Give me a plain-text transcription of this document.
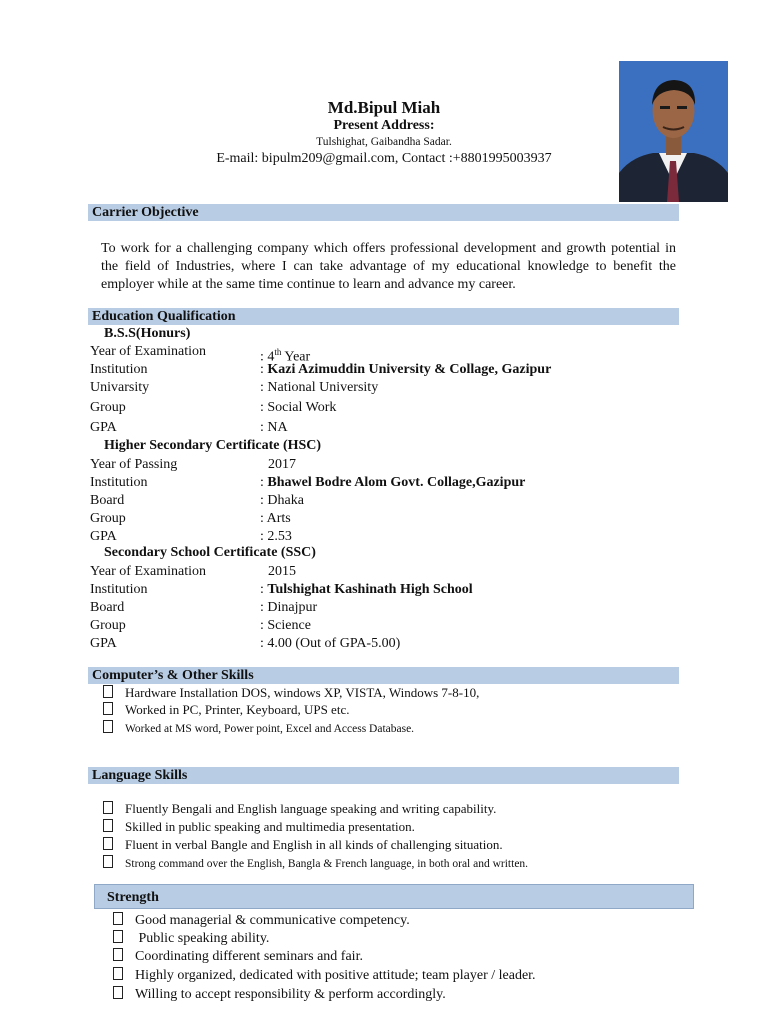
Md.Bipul Miah
Present Address:
Tulshighat, Gaibandha Sadar.
E-mail: bipulm209@gmail.com, Contact :+8801995003937
Carrier Objective
To work for a challenging company which offers professional development and growth potential in the field of Industries, where I can take advantage of my educational knowledge to benefit the employer while at the same time continue to learn and advance my career.
Education Qualification
B.S.S(Honurs)
Year of Examination	: 4th Year
Institution	: Kazi Azimuddin University & Collage, Gazipur
Univarsity	: National University
Group	: Social Work
GPA	: NA
Higher Secondary Certificate (HSC)
Year of Passing	2017
Institution	: Bhawel Bodre Alom Govt. Collage,Gazipur
Board	: Dhaka
Group	: Arts
GPA	: 2.53
Secondary School Certificate (SSC)
Year of Examination	2015
Institution	: Tulshighat Kashinath High School
Board	: Dinajpur
Group	: Science
GPA	: 4.00 (Out of GPA-5.00)
Computer’s & Other Skills
Hardware Installation DOS, windows XP, VISTA, Windows 7-8-10,
Worked in PC, Printer, Keyboard, UPS etc.
Worked at MS word, Power point, Excel and Access Database.
Language Skills
Fluently Bengali and English language speaking and writing capability.
Skilled in public speaking and multimedia presentation.
Fluent in verbal Bangle and English in all kinds of challenging situation.
Strong command over the English, Bangla & French language, in both oral and written.
Strength
Good managerial & communicative competency.
Public speaking ability.
Coordinating different seminars and fair.
Highly organized, dedicated with positive attitude; team player / leader.
Willing to accept responsibility & perform accordingly.
